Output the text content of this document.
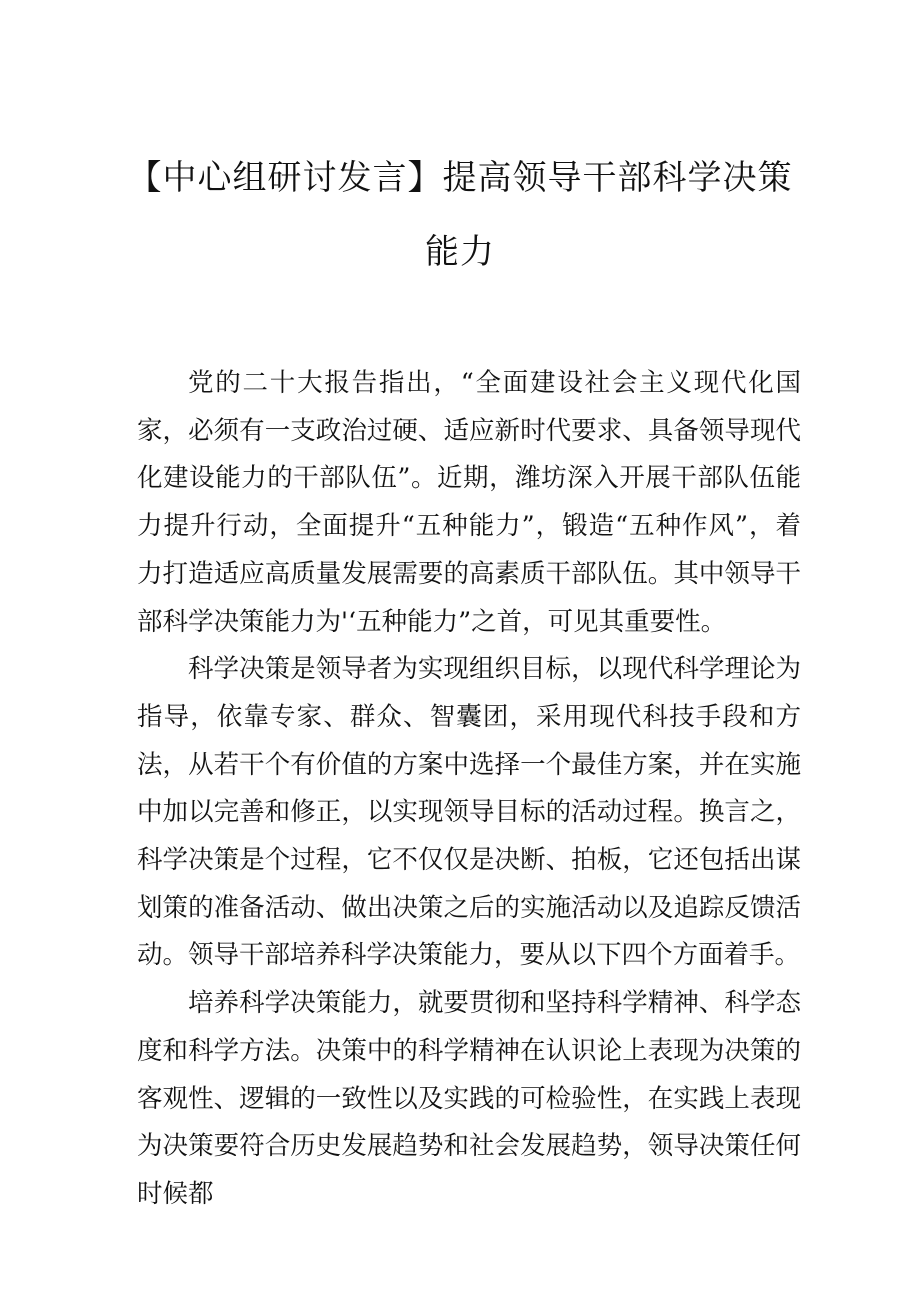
【中心组研讨发言】提高领导干部科学决策
能力

党的二十大报告指出，“全面建设社会主义现代化国家，必须有一支政治过硬、适应新时代要求、具备领导现代化建设能力的干部队伍”。近期，潍坊深入开展干部队伍能力提升行动，全面提升“五种能力”，锻造“五种作风”，着力打造适应高质量发展需要的高素质干部队伍。其中领导干部科学决策能力为'‘五种能力”之首，可见其重要性。

科学决策是领导者为实现组织目标，以现代科学理论为指导，依靠专家、群众、智囊团，采用现代科技手段和方法，从若干个有价值的方案中选择一个最佳方案，并在实施中加以完善和修正，以实现领导目标的活动过程。换言之，科学决策是个过程，它不仅仅是决断、拍板，它还包括出谋划策的准备活动、做出决策之后的实施活动以及追踪反馈活动。领导干部培养科学决策能力，要从以下四个方面着手。

培养科学决策能力，就要贯彻和坚持科学精神、科学态度和科学方法。决策中的科学精神在认识论上表现为决策的客观性、逻辑的一致性以及实践的可检验性，在实践上表现为决策要符合历史发展趋势和社会发展趋势，领导决策任何时候都
